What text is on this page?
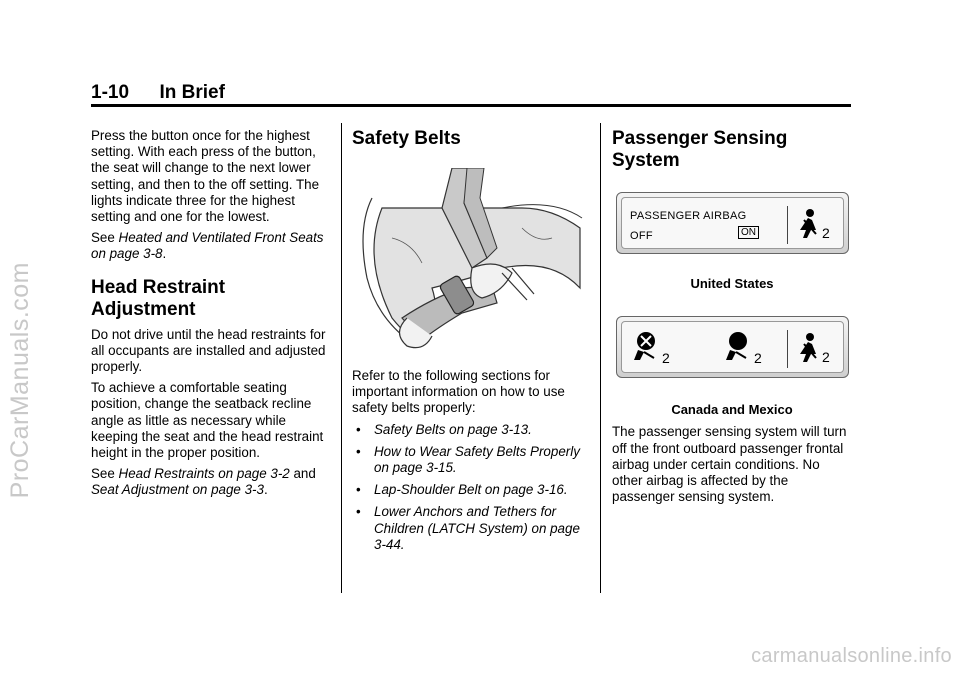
ProCarManuals.com
1-10 In Brief

Press the button once for the highest setting. With each press of the button, the seat will change to the next lower setting, and then to the off setting. The lights indicate three for the highest setting and one for the lowest.

See Heated and Ventilated Front Seats on page 3-8.

Head Restraint Adjustment

Do not drive until the head restraints for all occupants are installed and adjusted properly.

To achieve a comfortable seating position, change the seatback recline angle as little as necessary while keeping the seat and the head restraint height in the proper position.

See Head Restraints on page 3-2 and Seat Adjustment on page 3-3.

Safety Belts

Refer to the following sections for important information on how to use safety belts properly:

• Safety Belts on page 3-13.
• How to Wear Safety Belts Properly on page 3-15.
• Lap-Shoulder Belt on page 3-16.
• Lower Anchors and Tethers for Children (LATCH System) on page 3-44.
Passenger Sensing System
PASSENGER AIRBAG
OFF	ON	2

United States

2	2	2

Canada and Mexico

The passenger sensing system will turn off the front outboard passenger frontal airbag under certain conditions. No other airbag is affected by the passenger sensing system.

carmanualsonline.info
